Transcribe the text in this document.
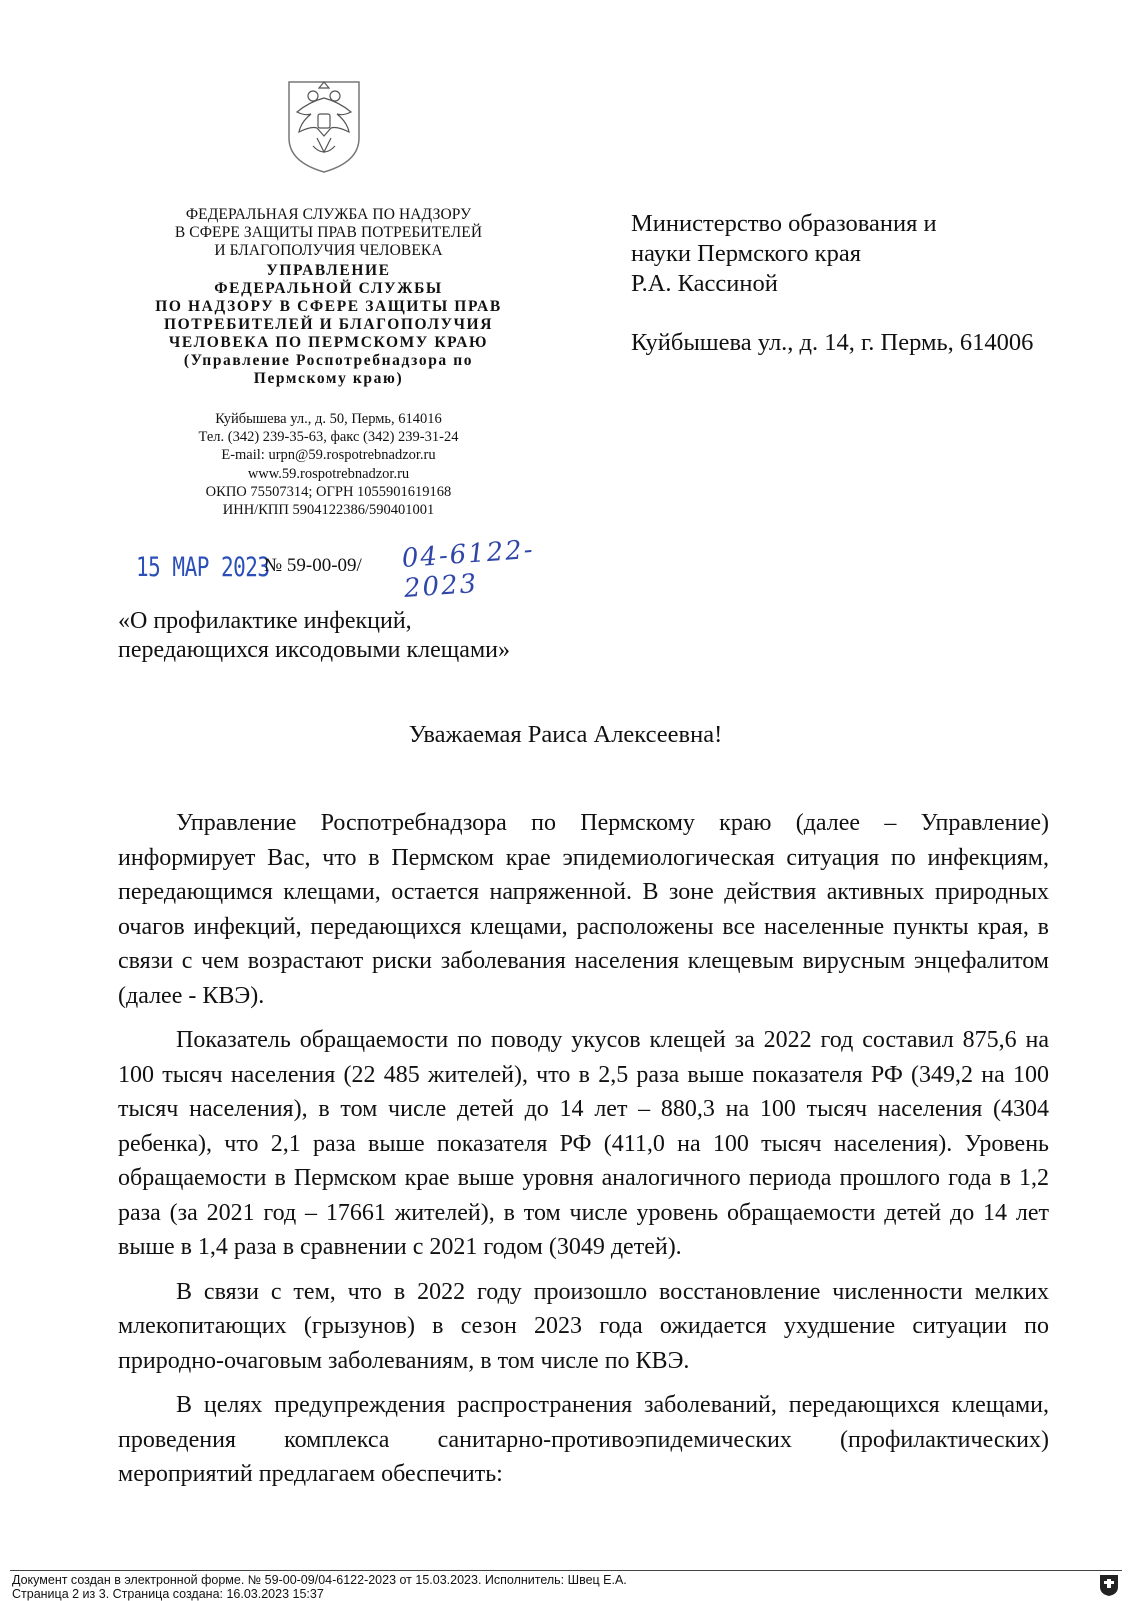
ФЕДЕРАЛЬНАЯ СЛУЖБА ПО НАДЗОРУ
В СФЕРЕ ЗАЩИТЫ ПРАВ ПОТРЕБИТЕЛЕЙ
И БЛАГОПОЛУЧИЯ ЧЕЛОВЕКА
УПРАВЛЕНИЕ
ФЕДЕРАЛЬНОЙ СЛУЖБЫ
ПО НАДЗОРУ В СФЕРЕ ЗАЩИТЫ ПРАВ
ПОТРЕБИТЕЛЕЙ И БЛАГОПОЛУЧИЯ
ЧЕЛОВЕКА ПО ПЕРМСКОМУ КРАЮ
(Управление Роспотребнадзора по
Пермскому краю)
Куйбышева ул., д. 50, Пермь, 614016
Тел. (342) 239-35-63, факс (342) 239-31-24
E-mail: urpn@59.rospotrebnadzor.ru
www.59.rospotrebnadzor.ru
ОКПО 75507314; ОГРН 1055901619168
ИНН/КПП 5904122386/590401001
15 МАР 2023
№ 59-00-09/ 04-6122-2023
Министерство образования и
науки Пермского края
Р.А. Кассиной
Куйбышева ул., д. 14, г. Пермь, 614006
«О профилактике инфекций,
передающихся иксодовыми клещами»
Уважаемая Раиса Алексеевна!

Управление Роспотребнадзора по Пермскому краю (далее – Управление) информирует Вас, что в Пермском крае эпидемиологическая ситуация по инфекциям, передающимся клещами, остается напряженной. В зоне действия активных природных очагов инфекций, передающихся клещами, расположены все населенные пункты края, в связи с чем возрастают риски заболевания населения клещевым вирусным энцефалитом (далее - КВЭ).

Показатель обращаемости по поводу укусов клещей за 2022 год составил 875,6 на 100 тысяч населения (22 485 жителей), что в 2,5 раза выше показателя РФ (349,2 на 100 тысяч населения), в том числе детей до 14 лет – 880,3 на 100 тысяч населения (4304 ребенка), что 2,1 раза выше показателя РФ (411,0 на 100 тысяч населения). Уровень обращаемости в Пермском крае выше уровня аналогичного периода прошлого года в 1,2 раза (за 2021 год – 17661 жителей), в том числе уровень обращаемости детей до 14 лет выше в 1,4 раза в сравнении с 2021 годом (3049 детей).

В связи с тем, что в 2022 году произошло восстановление численности мелких млекопитающих (грызунов) в сезон 2023 года ожидается ухудшение ситуации по природно-очаговым заболеваниям, в том числе по КВЭ.

В целях предупреждения распространения заболеваний, передающихся клещами, проведения комплекса санитарно-противоэпидемических (профилактических) мероприятий предлагаем обеспечить:

Документ создан в электронной форме. № 59-00-09/04-6122-2023 от 15.03.2023. Исполнитель: Швец Е.А.
Страница 2 из 3. Страница создана: 16.03.2023 15:37
